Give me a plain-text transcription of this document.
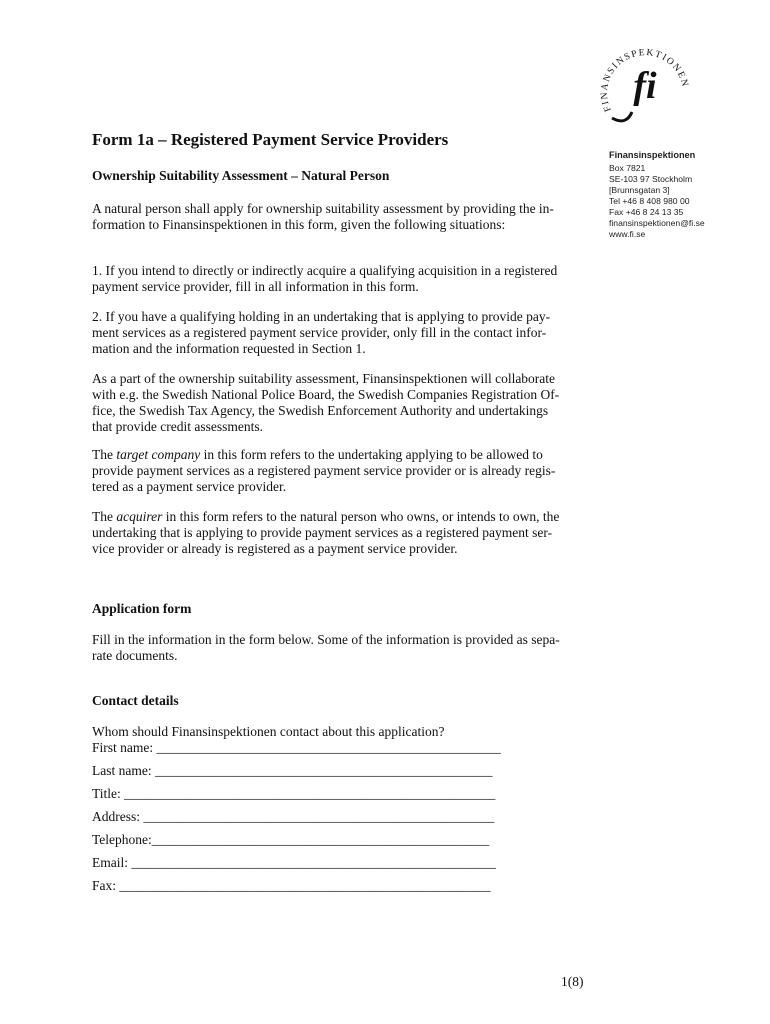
FINANSINSPEKTIONEN
fi
Form 1a – Registered Payment Service Providers
Ownership Suitability Assessment – Natural Person
Finansinspektionen
Box 7821
SE-103 97 Stockholm
[Brunnsgatan 3]
Tel +46 8 408 980 00
Fax +46 8 24 13 35
finansinspektionen@fi.se
www.fi.se

A natural person shall apply for ownership suitability assessment by providing the in-

formation to Finansinspektionen in this form, given the following situations:

1. If you intend to directly or indirectly acquire a qualifying acquisition in a registered

payment service provider, fill in all information in this form.

2. If you have a qualifying holding in an undertaking that is applying to provide pay-

ment services as a registered payment service provider, only fill in the contact infor-

mation and the information requested in Section 1.

As a part of the ownership suitability assessment, Finansinspektionen will collaborate

with e.g. the Swedish National Police Board, the Swedish Companies Registration Of-

fice, the Swedish Tax Agency, the Swedish Enforcement Authority and undertakings

that provide credit assessments.

The target company in this form refers to the undertaking applying to be allowed to

provide payment services as a registered payment service provider or is already regis-

tered as a payment service provider.

The acquirer in this form refers to the natural person who owns, or intends to own, the

undertaking that is applying to provide payment services as a registered payment ser-

vice provider or already is registered as a payment service provider.

Application form

Fill in the information in the form below. Some of the information is provided as sepa-

rate documents.

Contact details
Whom should Finansinspektionen contact about this application?
First name: ___________________________________________________
Last name: __________________________________________________
Title: _______________________________________________________
Address: ____________________________________________________
Telephone:__________________________________________________
Email: ______________________________________________________
Fax: _______________________________________________________
1(8)
